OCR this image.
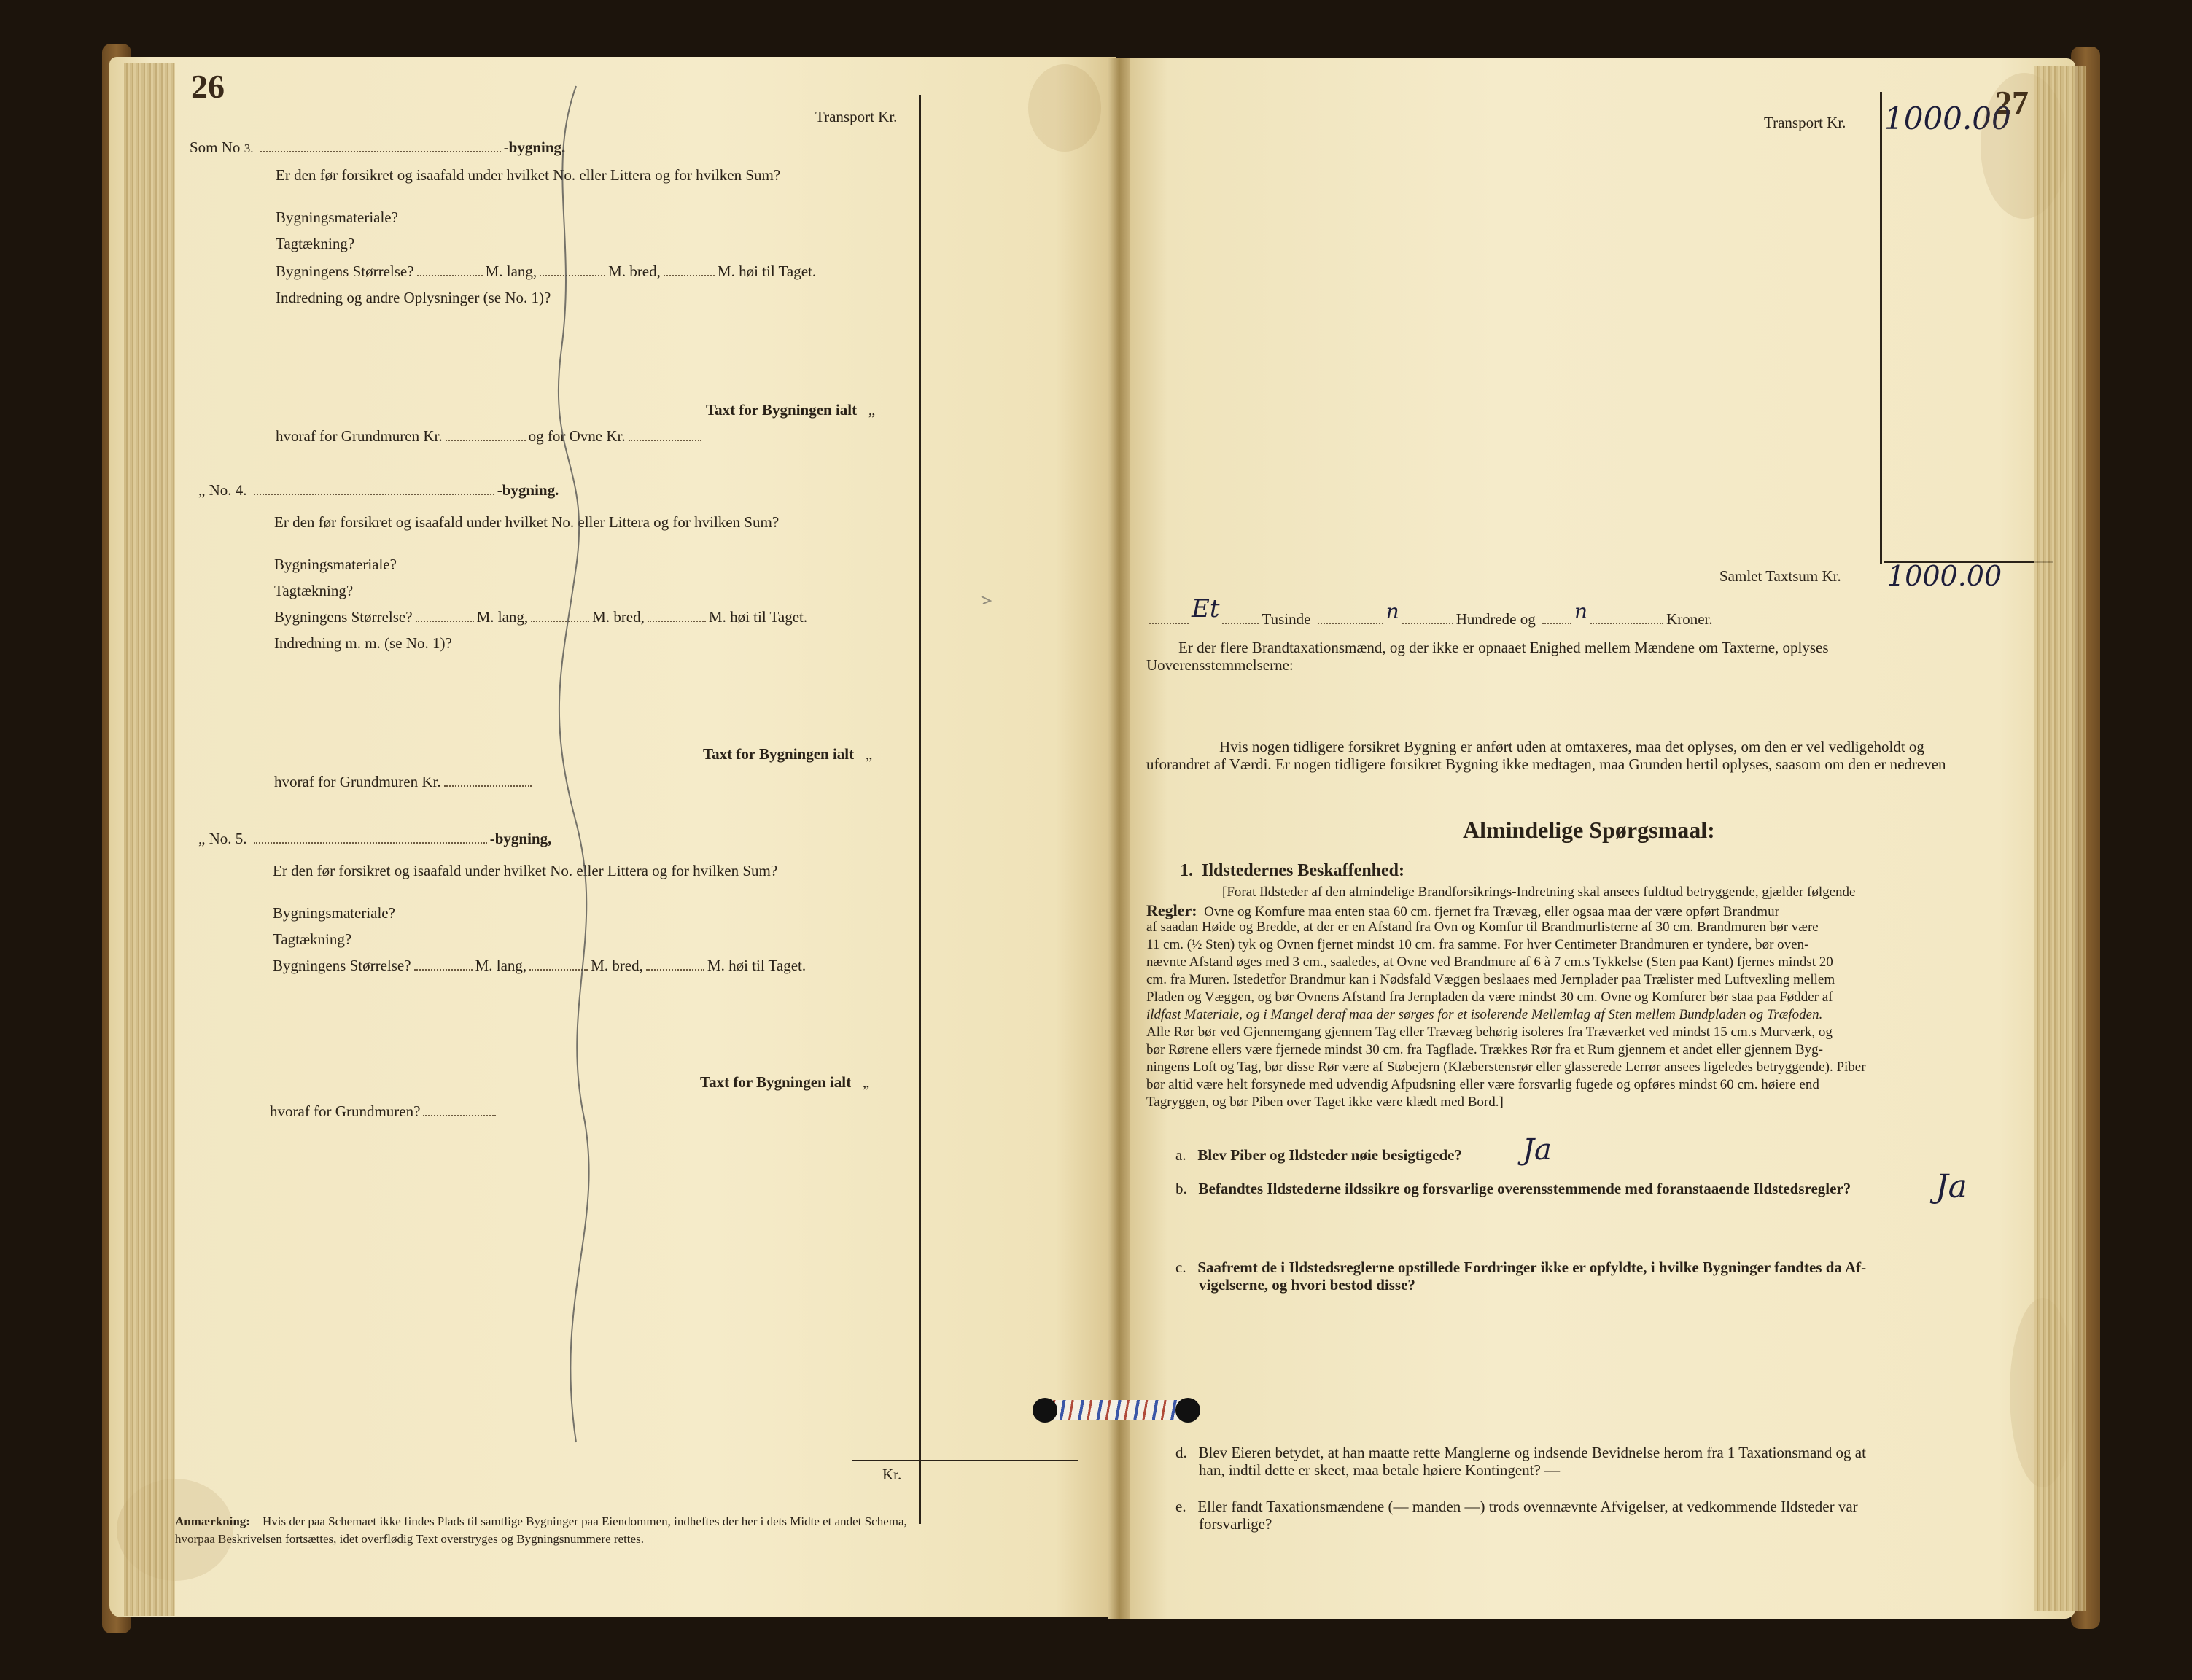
26
Transport Kr.
Kr.
Som No 3.	-bygning.
Er den før forsikret og isaafald under hvilket No. eller Littera og for hvilken Sum?
Bygningsmateriale?
Tagtækning?
Bygningens Størrelse?	M. lang,	M. bred,	M. høi til Taget.
Indredning og andre Oplysninger (se No. 1)?
Taxt for Bygningen ialt „
hvoraf for Grundmuren Kr.	og for Ovne Kr.
„ No. 4.	-bygning.
Er den før forsikret og isaafald under hvilket No. eller Littera og for hvilken Sum?
Bygningsmateriale?
Tagtækning?
Bygningens Størrelse?	M. lang,	M. bred,	M. høi til Taget.
Indredning m. m. (se No. 1)?
Taxt for Bygningen ialt „
hvoraf for Grundmuren Kr.
„ No. 5.	-bygning,
Er den før forsikret og isaafald under hvilket No. eller Littera og for hvilken Sum?
Bygningsmateriale?
Tagtækning?
Bygningens Størrelse?	M. lang,	M. bred,	M. høi til Taget.
Taxt for Bygningen ialt „
hvoraf for Grundmuren?
Anmærkning: Hvis der paa Schemaet ikke findes Plads til samtlige Bygninger paa Eiendommen, indheftes der her i dets Midte et andet Schema,
hvorpaa Beskrivelsen fortsættes, idet overflødig Text overstryges og Bygningsnummere rettes.
27
Transport Kr. 1000.00
Samlet Taxtsum Kr. 1000.00
Et	Tusinde	n	Hundrede og n	Kroner.
Er der flere Brandtaxationsmænd, og der ikke er opnaaet Enighed mellem Mændene om Taxterne, oplyses
Uoverensstemmelserne:
Hvis nogen tidligere forsikret Bygning er anført uden at omtaxeres, maa det oplyses, om den er vel vedligeholdt og
uforandret af Værdi. Er nogen tidligere forsikret Bygning ikke medtagen, maa Grunden hertil oplyses, saasom om den er nedreven
Almindelige Spørgsmaal:
1. Ildstedernes Beskaffenhed:
[Forat Ildsteder af den almindelige Brandforsikrings-Indretning skal ansees fuldtud betryggende, gjælder følgende
Regler: Ovne og Komfure maa enten staa 60 cm. fjernet fra Trævæg, eller ogsaa maa der være opført Brandmur
af saadan Høide og Bredde, at der er en Afstand fra Ovn og Komfur til Brandmurlisterne af 30 cm. Brandmuren bør være
11 cm. (½ Sten) tyk og Ovnen fjernet mindst 10 cm. fra samme. For hver Centimeter Brandmuren er tyndere, bør oven-
nævnte Afstand øges med 3 cm., saaledes, at Ovne ved Brandmure af 6 à 7 cm.s Tykkelse (Sten paa Kant) fjernes mindst 20
cm. fra Muren. Istedetfor Brandmur kan i Nødsfald Væggen beslaaes med Jernplader paa Trælister med Luftvexling mellem
Pladen og Væggen, og bør Ovnens Afstand fra Jernpladen da være mindst 30 cm. Ovne og Komfurer bør staa paa Fødder af
ildfast Materiale, og i Mangel deraf maa der sørges for et isolerende Mellemlag af Sten mellem Bundpladen og Træfoden.
Alle Rør bør ved Gjennemgang gjennem Tag eller Trævæg behørig isoleres fra Træværket ved mindst 15 cm.s Murværk, og
bør Rørene ellers være fjernede mindst 30 cm. fra Tagflade. Trækkes Rør fra et Rum gjennem et andet eller gjennem Byg-
ningens Loft og Tag, bør disse Rør være af Støbejern (Klæberstensrør eller glasserede Lerrør ansees ligeledes betryggende). Piber
bør altid være helt forsynede med udvendig Afpudsning eller være forsvarlig fugede og opføres mindst 60 cm. høiere end
Tagryggen, og bør Piben over Taget ikke være klædt med Bord.]
a. Blev Piber og Ildsteder nøie besigtigede? Ja
b. Befandtes Ildstederne ildssikre og forsvarlige overensstemmende med foranstaaende Ildstedsregler?	Ja
c. Saafremt de i Ildstedsreglerne opstillede Fordringer ikke er opfyldte, i hvilke Bygninger fandtes da Af-
vigelserne, og hvori bestod disse?
d. Blev Eieren betydet, at han maatte rette Manglerne og indsende Bevidnelse herom fra 1 Taxationsmand og at
han, indtil dette er skeet, maa betale høiere Kontingent? —
e. Eller fandt Taxationsmændene (— manden —) trods ovennævnte Afvigelser, at vedkommende Ildsteder var
forsvarlige?
